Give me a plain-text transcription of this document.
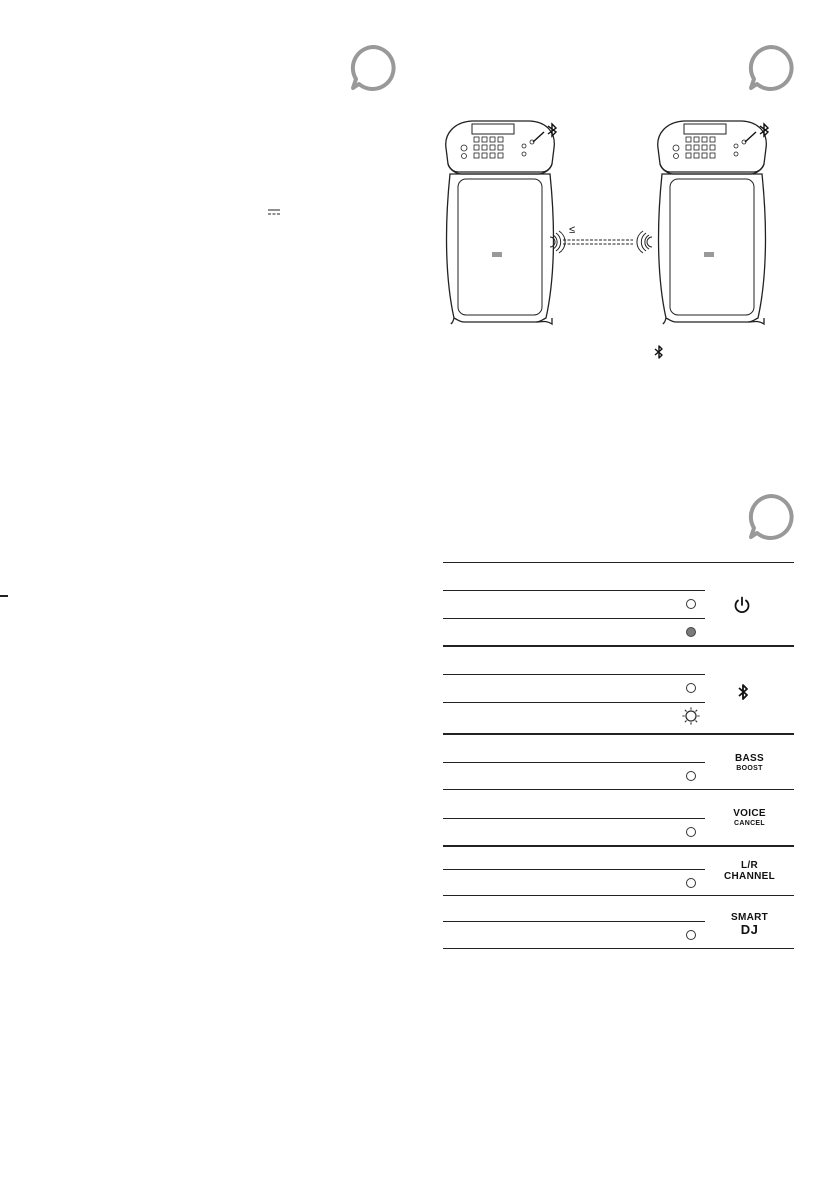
≤
BASS
BOOST
VOICE
CANCEL
L/R
CHANNEL
SMART
DJ
